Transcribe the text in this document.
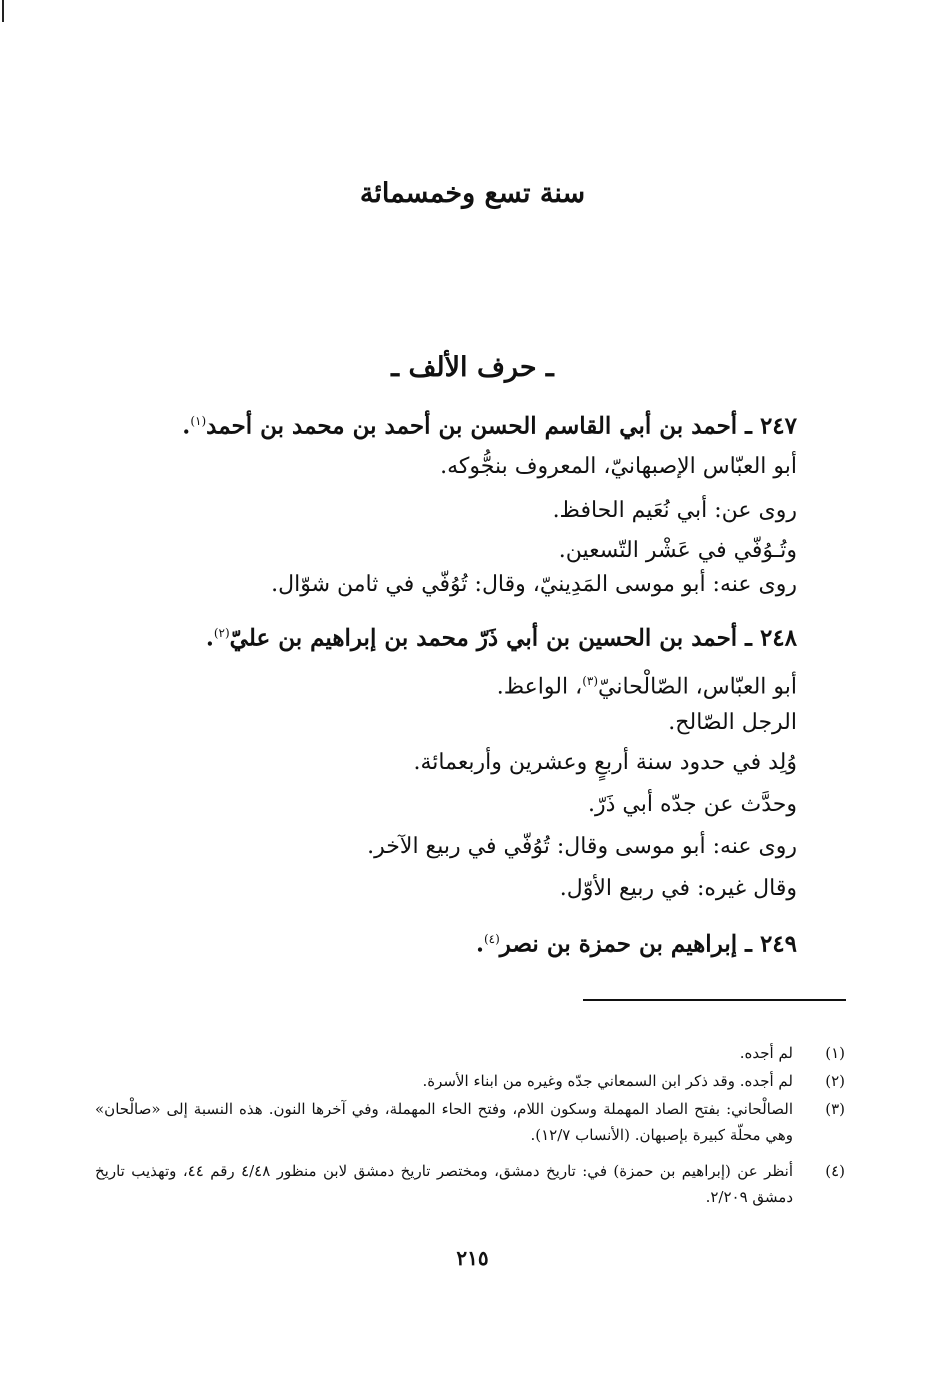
سنة تسع وخمسمائة
ـ حرف الألف ـ
٢٤٧ ـ أحمد بن أبي القاسم الحسن بن أحمد بن محمد بن أحمد$^{(١)}$.
أبو العبّاس الإصبهانيّ، المعروف بنجُّوكه.
روى عن: أبي نُعَيم الحافظ.
وتُـوُفّي في عَشْر التّسعين.
روى عنه: أبو موسى المَدِينيّ، وقال: تُوُفّي في ثامن شوّال.
٢٤٨ ـ أحمد بن الحسين بن أبي ذَرّ محمد بن إبراهيم بن عليّ$^{(٢)}$.
أبو العبّاس، الصّالْحانيّ$^{(٣)}$، الواعظ.
الرجل الصّالح.
وُلِد في حدود سنة أربعٍ وعشرين وأربعمائة.
وحدَّث عن جدّه أبي ذَرّ.
روى عنه: أبو موسى وقال: تُوُفّي في ربيع الآخر.
وقال غيره: في ربيع الأوّل.
٢٤٩ ـ إبراهيم بن حمزة بن نصر$^{(٤)}$.
(١)
لم أجده.
(٢)
لم أجده. وقد ذكر ابن السمعاني جدّه وغيره من ابناء الأسرة.
(٣)
الصالْحاني: بفتح الصاد المهملة وسكون اللام، وفتح الحاء المهملة، وفي آخرها النون. هذه النسبة إلى «صالْحان» وهي محلّة كبيرة بإصبهان. (الأنساب ١٢/٧).
(٤)
أنظر عن (إبراهيم بن حمزة) في: تاريخ دمشق، ومختصر تاريخ دمشق لابن منظور ٤/٤٨ رقم ٤٤، وتهذيب تاريخ دمشق ٢/٢٠٩.
٢١٥
